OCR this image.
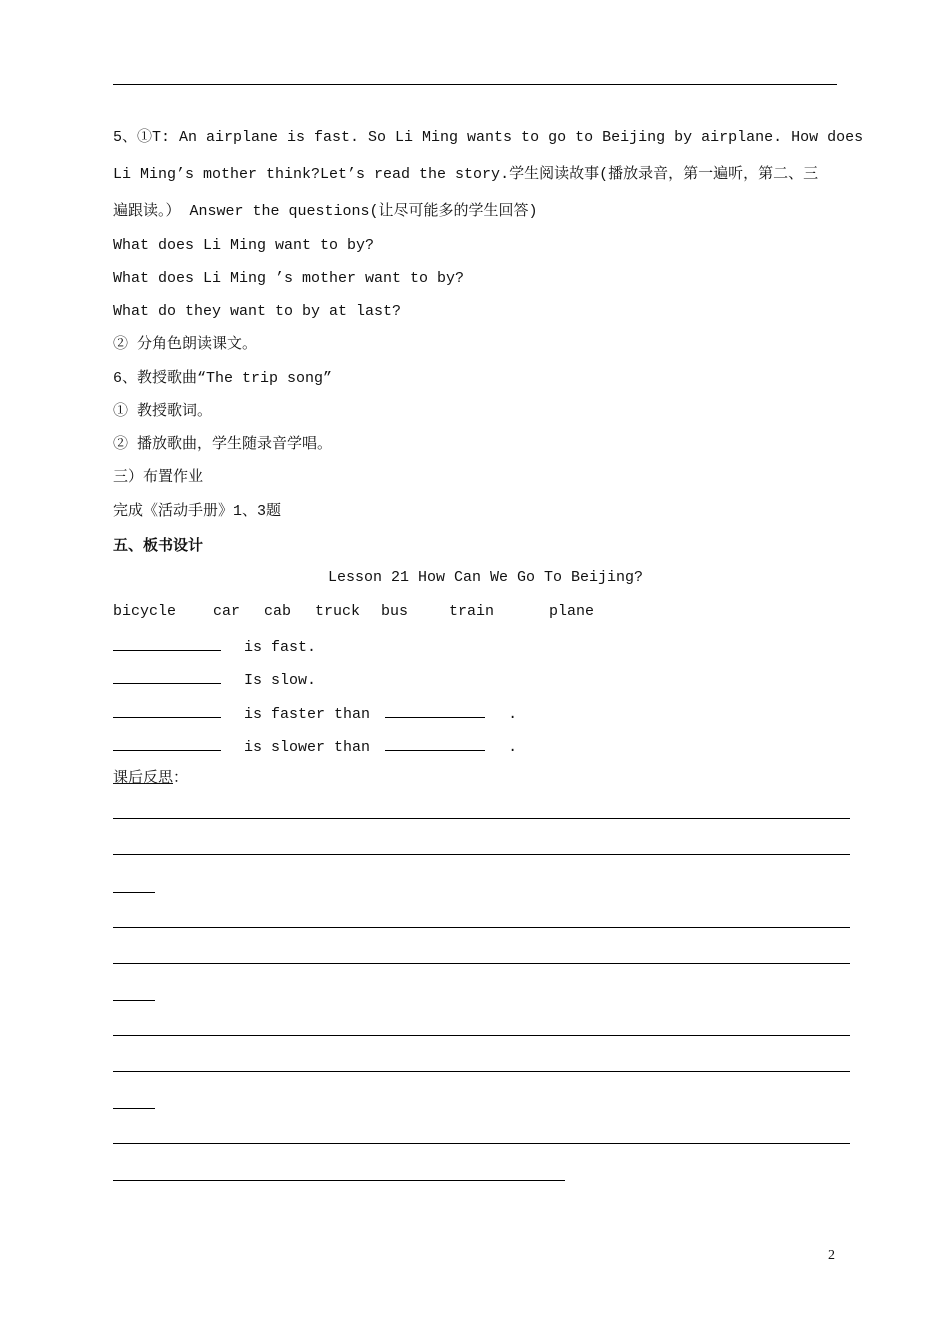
5、①T: An airplane is fast. So Li Ming wants to go to Beijing by airplane. How does
Li Ming’s mother think?Let’s read the story.学生阅读故事(播放录音，第一遍听，第二、三
遍跟读。） Answer the questions(让尽可能多的学生回答)
What does Li Ming want to by?
What does Li Ming ’s mother want to by?
What do they want to by at last?
② 分角色朗读课文。
6、教授歌曲“The trip song”
① 教授歌词。
② 播放歌曲，学生随录音学唱。
三）布置作业
完成《活动手册》1、3题
五、板书设计
Lesson 21 How Can We Go To Beijing?
bicycle car cab truck bus	train	plane
is fast.
Is slow.
is faster than	.
is slower than	.
课后反思：
2
